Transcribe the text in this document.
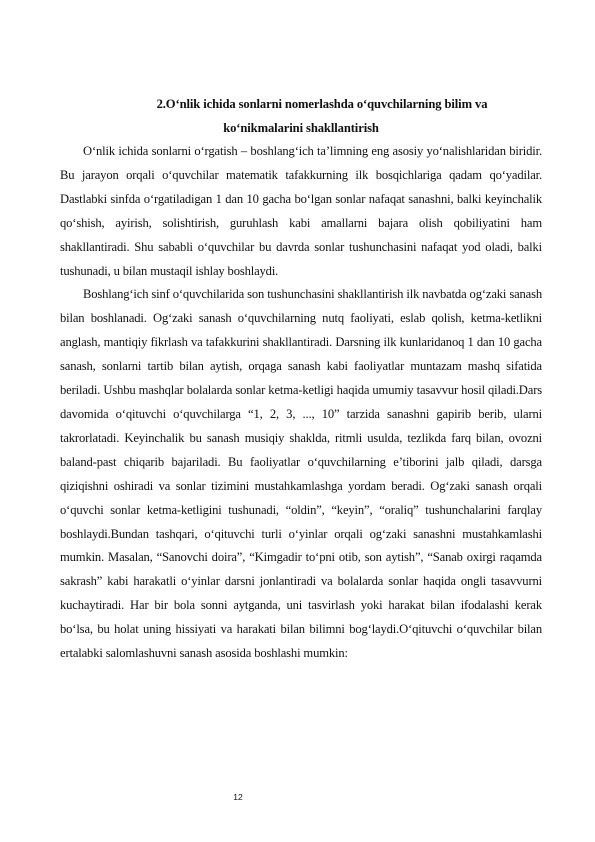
2.O‘nlik ichida sonlarni nomerlashda o‘quvchilarning bilim va
ko‘nikmalarini shakllantirish

O‘nlik ichida sonlarni o‘rgatish – boshlang‘ich ta’limning eng asosiy yo‘nalishlaridan biridir. Bu jarayon orqali o‘quvchilar matematik tafakkurning ilk bosqichlariga qadam qo‘yadilar. Dastlabki sinfda o‘rgatiladigan 1 dan 10 gacha bo‘lgan sonlar nafaqat sanashni, balki keyinchalik qo‘shish, ayirish, solishtirish, guruhlash kabi amallarni bajara olish qobiliyatini ham shakllantiradi. Shu sababli o‘quvchilar bu davrda sonlar tushunchasini nafaqat yod oladi, balki tushunadi, u bilan mustaqil ishlay boshlaydi.

Boshlang‘ich sinf o‘quvchilarida son tushunchasini shakllantirish ilk navbatda og‘zaki sanash bilan boshlanadi. Og‘zaki sanash o‘quvchilarning nutq faoliyati, eslab qolish, ketma-ketlikni anglash, mantiqiy fikrlash va tafakkurini shakllantiradi. Darsning ilk kunlaridanoq 1 dan 10 gacha sanash, sonlarni tartib bilan aytish, orqaga sanash kabi faoliyatlar muntazam mashq sifatida beriladi. Ushbu mashqlar bolalarda sonlar ketma-ketligi haqida umumiy tasavvur hosil qiladi.Dars davomida o‘qituvchi o‘quvchilarga “1, 2, 3, ..., 10” tarzida sanashni gapirib berib, ularni takrorlatadi. Keyinchalik bu sanash musiqiy shaklda, ritmli usulda, tezlikda farq bilan, ovozni baland-past chiqarib bajariladi. Bu faoliyatlar o‘quvchilarning e’tiborini jalb qiladi, darsga qiziqishni oshiradi va sonlar tizimini mustahkamlashga yordam beradi. Og‘zaki sanash orqali o‘quvchi sonlar ketma-ketligini tushunadi, “oldin”, “keyin”, “oraliq” tushunchalarini farqlay boshlaydi.Bundan tashqari, o‘qituvchi turli o‘yinlar orqali og‘zaki sanashni mustahkamlashi mumkin. Masalan, “Sanovchi doira”, “Kimgadir to‘pni otib, son aytish”, “Sanab oxirgi raqamda sakrash” kabi harakatli o‘yinlar darsni jonlantiradi va bolalarda sonlar haqida ongli tasavvurni kuchaytiradi. Har bir bola sonni aytganda, uni tasvirlash yoki harakat bilan ifodalashi kerak bo‘lsa, bu holat uning hissiyati va harakati bilan bilimni bog‘laydi.O‘qituvchi o‘quvchilar bilan ertalabki salomlashuvni sanash asosida boshlashi mumkin:

12
